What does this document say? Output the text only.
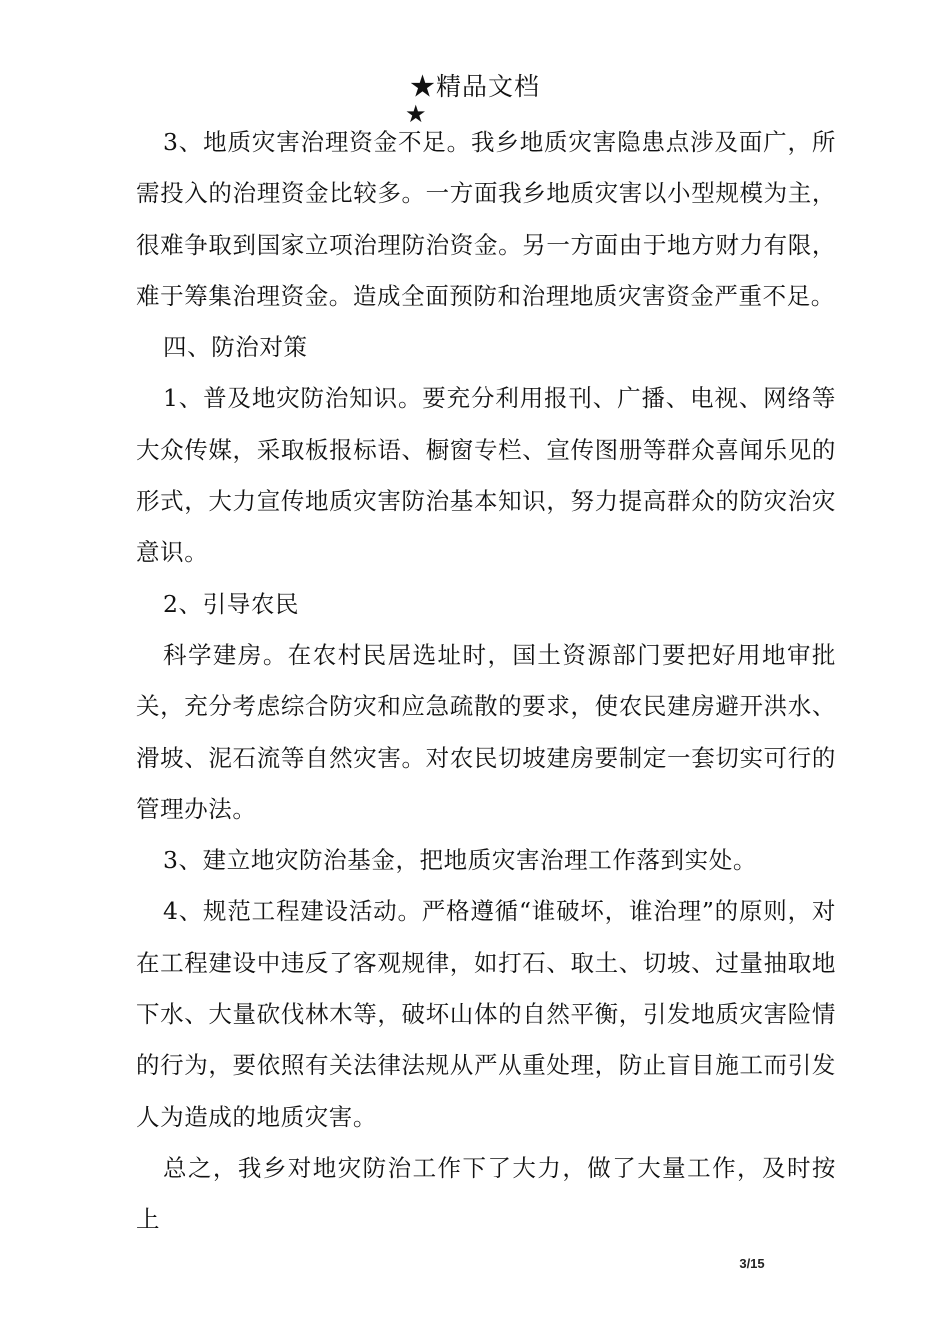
★精品文档
★

3、地质灾害治理资金不足。我乡地质灾害隐患点涉及面广，所需投入的治理资金比较多。一方面我乡地质灾害以小型规模为主，很难争取到国家立项治理防治资金。另一方面由于地方财力有限，难于筹集治理资金。造成全面预防和治理地质灾害资金严重不足。

四、防治对策

1、普及地灾防治知识。要充分利用报刊、广播、电视、网络等大众传媒，采取板报标语、橱窗专栏、宣传图册等群众喜闻乐见的形式，大力宣传地质灾害防治基本知识，努力提高群众的防灾治灾意识。

2、引导农民

科学建房。在农村民居选址时，国土资源部门要把好用地审批关，充分考虑综合防灾和应急疏散的要求，使农民建房避开洪水、滑坡、泥石流等自然灾害。对农民切坡建房要制定一套切实可行的管理办法。

3、建立地灾防治基金，把地质灾害治理工作落到实处。

4、规范工程建设活动。严格遵循“谁破坏，谁治理”的原则，对在工程建设中违反了客观规律，如打石、取土、切坡、过量抽取地下水、大量砍伐林木等，破坏山体的自然平衡，引发地质灾害险情的行为，要依照有关法律法规从严从重处理，防止盲目施工而引发人为造成的地质灾害。

总之，我乡对地灾防治工作下了大力，做了大量工作，及时按上

3/15
